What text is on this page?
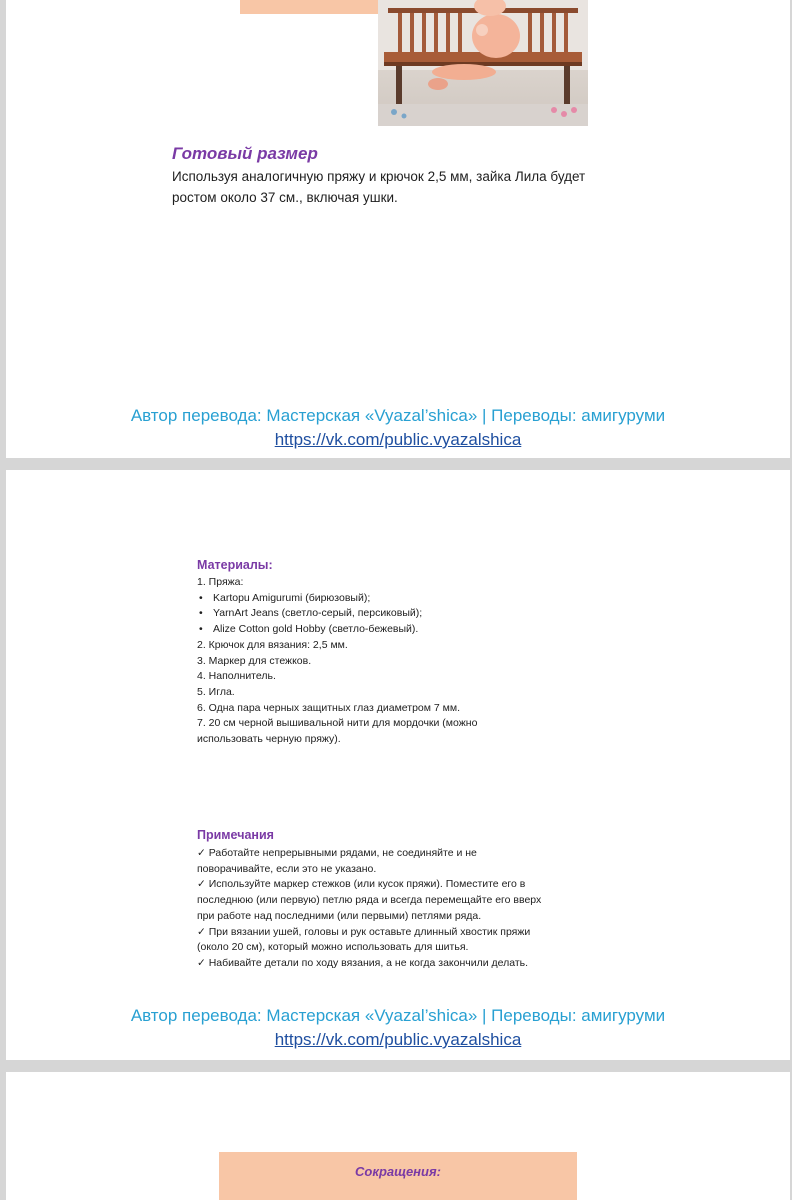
Готовый размер
Используя аналогичную пряжу и крючок 2,5 мм, зайка Лила будет
ростом около 37 см., включая ушки.
Автор перевода: Мастерская «Vyazal’shica» | Переводы: амигуруми
https://vk.com/public.vyazalshica
Материалы:
1. Пряжа:
• Kartopu Amigurumi (бирюзовый);
• YarnArt Jeans (светло-серый, персиковый);
• Alize Cotton gold Hobby (светло-бежевый).
2. Крючок для вязания: 2,5 мм.
3. Маркер для стежков.
4. Наполнитель.
5. Игла.
6. Одна пара черных защитных глаз диаметром 7 мм.
7. 20 см черной вышивальной нити для мордочки (можно
использовать черную пряжу).
Примечания
✓ Работайте непрерывными рядами, не соединяйте и не
поворачивайте, если это не указано.
✓ Используйте маркер стежков (или кусок пряжи). Поместите его в
последнюю (или первую) петлю ряда и всегда перемещайте его вверх
при работе над последними (или первыми) петлями ряда.
✓ При вязании ушей, головы и рук оставьте длинный хвостик пряжи
(около 20 см), который можно использовать для шитья.
✓ Набивайте детали по ходу вязания, а не когда закончили делать.
Автор перевода: Мастерская «Vyazal’shica» | Переводы: амигуруми
https://vk.com/public.vyazalshica
Сокращения:
